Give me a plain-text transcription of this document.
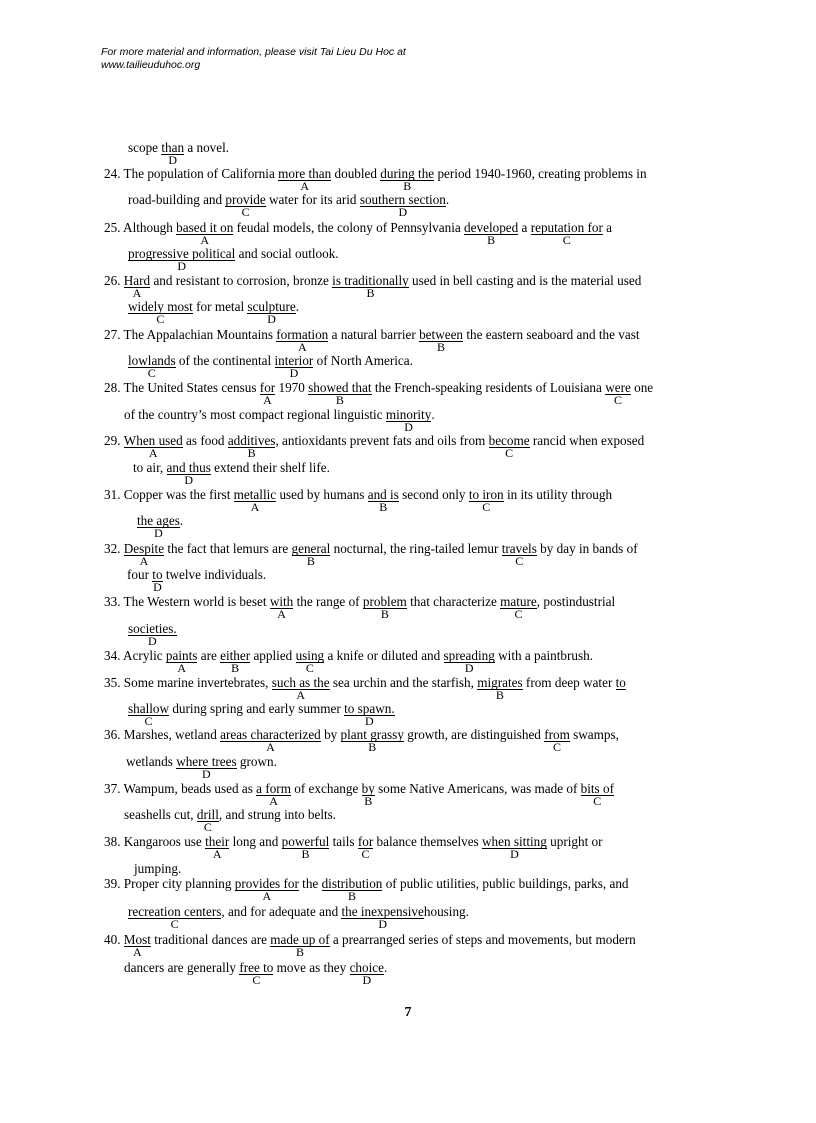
For more material and information, please visit Tai Lieu Du Hoc at
www.tailieuduhoc.org
scope than
D
a novel.
24. The population of California more than
A
doubled during the
B
period 1940-1960, creating problems in
road-building and provide
C
water for its arid southern section
D
.
25. Although based it on
A
feudal models, the colony of Pennsylvania developed
B
a reputation for
C
a
progressive political
D
and social outlook.
26. Hard
A
and resistant to corrosion, bronze is traditionally
B
used in bell casting and is the material used
widely most
C
for metal sculpture
D
.
27. The Appalachian Mountains formation
A
a natural barrier between
B
the eastern seaboard and the vast
lowlands
C
of the continental interior
D
of North America.
28. The United States census for
A
1970 showed that
B
the French-speaking residents of Louisiana were
C
one
of the country’s most compact regional linguistic minority
D
.
29. When used
A
as food additives
B
, antioxidants prevent fats and oils from become
C
rancid when exposed
to air, and thus
D
extend their shelf life.
31. Copper was the first metallic
A
used by humans and is
B
second only to iron
C
in its utility through
the ages
D
.
32. Despite
A
the fact that lemurs are general
B
nocturnal, the ring-tailed lemur travels
C
by day in bands of
four to
D
twelve individuals.
33. The Western world is beset with
A
the range of problem
B
that characterize mature
C
, postindustrial
societies.
D
34. Acrylic paints
A
are either
B
applied using
C
a knife or diluted and spreading
D
with a paintbrush.
35. Some marine invertebrates, such as the
A
sea urchin and the starfish, migrates
B
from deep water to
shallow
C
during spring and early summer to spawn.
D
36. Marshes, wetland areas characterized
A
by plant grassy
B
growth, are distinguished from
C
swamps,
wetlands where trees
D
grown.
37. Wampum, beads used as a form
A
of exchange by
B
some Native Americans, was made of bits of
C
seashells cut, drill
C
, and strung into belts.
38. Kangaroos use their
A
long and powerful
B
tails for
C
balance themselves when sitting
D
upright or
jumping.
39. Proper city planning provides for
A
the distribution
B
of public utilities, public buildings, parks, and
recreation centers
C
, and for adequate and the inexpensive
D
housing.
40. Most
A
traditional dances are made up of
B
a prearranged series of steps and movements, but modern
dancers are generally free to
C
move as they choice
D
.
7
